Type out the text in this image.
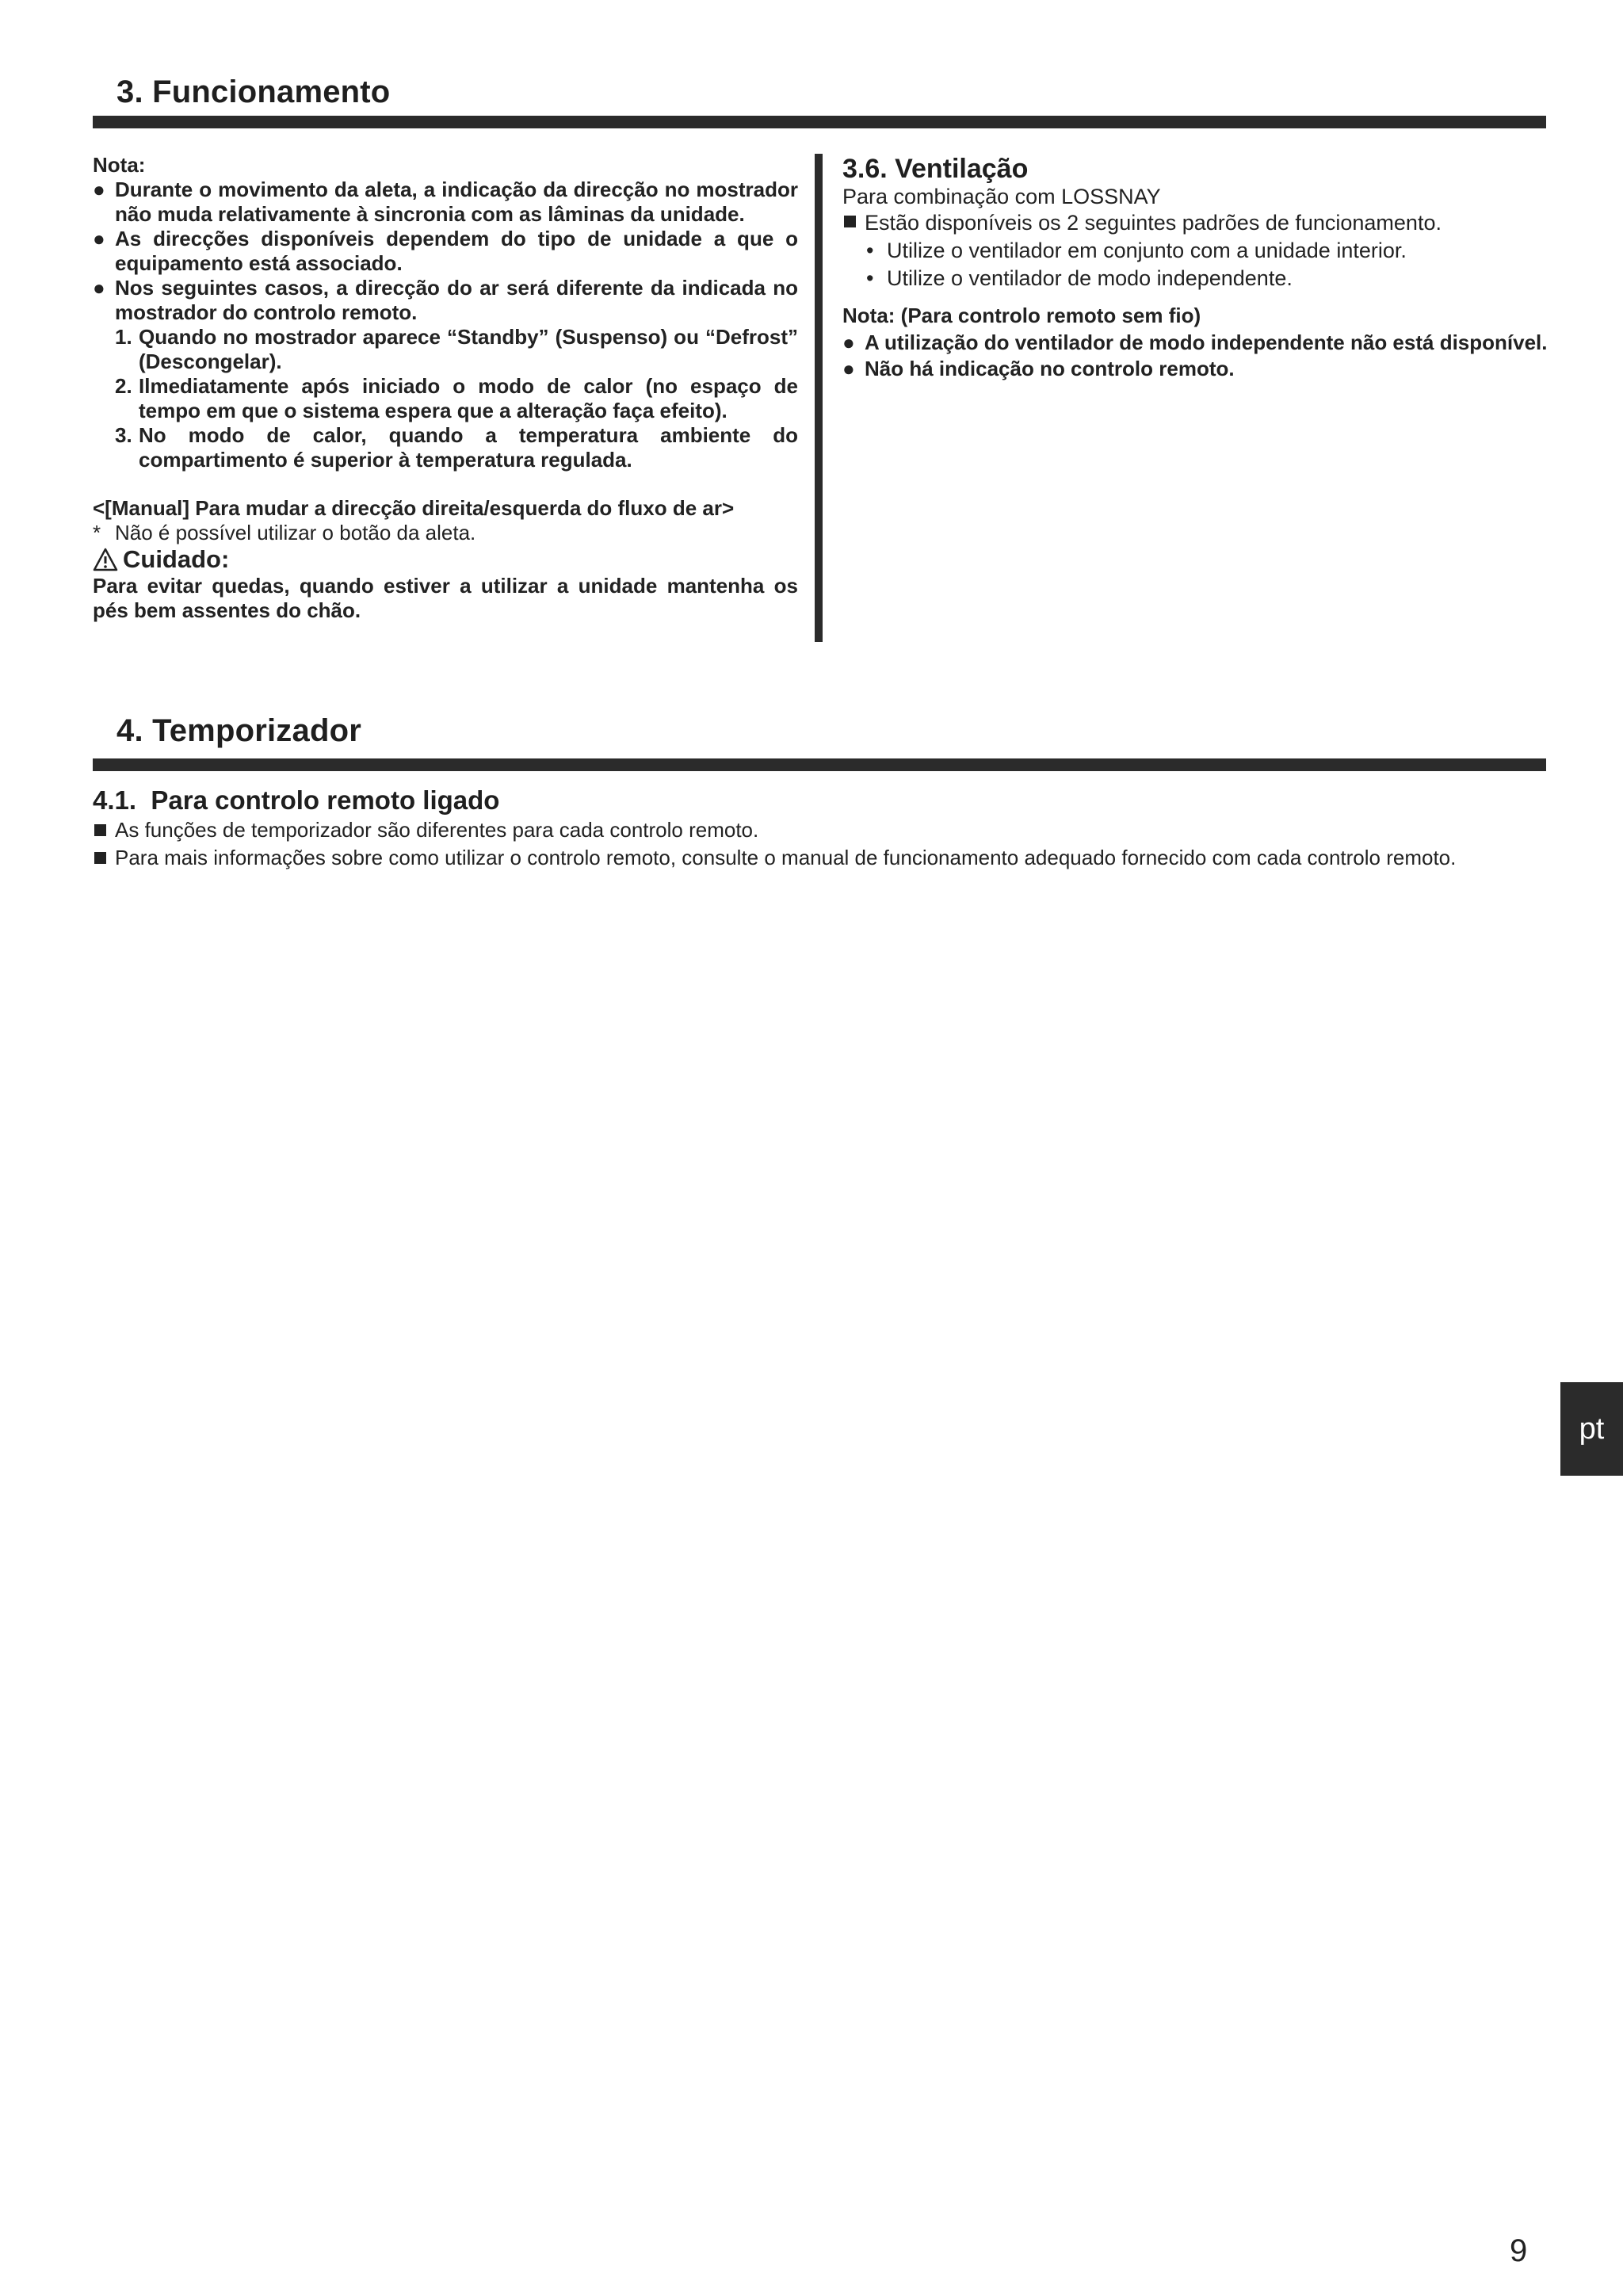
3. Funcionamento
Nota:
● Durante o movimento da aleta, a indicação da direcção no mostrador não muda relativamente à sincronia com as lâminas da unidade.
● As direcções disponíveis dependem do tipo de unidade a que o equipamento está associado.
● Nos seguintes casos, a direcção do ar será diferente da indicada no mostrador do controlo remoto.
1. Quando no mostrador aparece “Standby” (Suspenso) ou “Defrost” (Descongelar).
2. Ilmediatamente após iniciado o modo de calor (no espaço de tempo em que o sistema espera que a alteração faça efeito).
3. No modo de calor, quando a temperatura ambiente do compartimento é superior à temperatura regulada.
<[Manual] Para mudar a direcção direita/esquerda do fluxo de ar>
* Não é possível utilizar o botão da aleta.
Cuidado:
Para evitar quedas, quando estiver a utilizar a unidade mantenha os pés bem assentes do chão.
3.6. Ventilação
Para combinação com LOSSNAY
Estão disponíveis os 2 seguintes padrões de funcionamento.
• Utilize o ventilador em conjunto com a unidade interior.
• Utilize o ventilador de modo independente.
Nota: (Para controlo remoto sem fio)
● A utilização do ventilador de modo independente não está disponível.
● Não há indicação no controlo remoto.
4. Temporizador
4.1.  Para controlo remoto ligado
As funções de temporizador são diferentes para cada controlo remoto.
Para mais informações sobre como utilizar o controlo remoto, consulte o manual de funcionamento adequado fornecido com cada controlo remoto.
pt
9
